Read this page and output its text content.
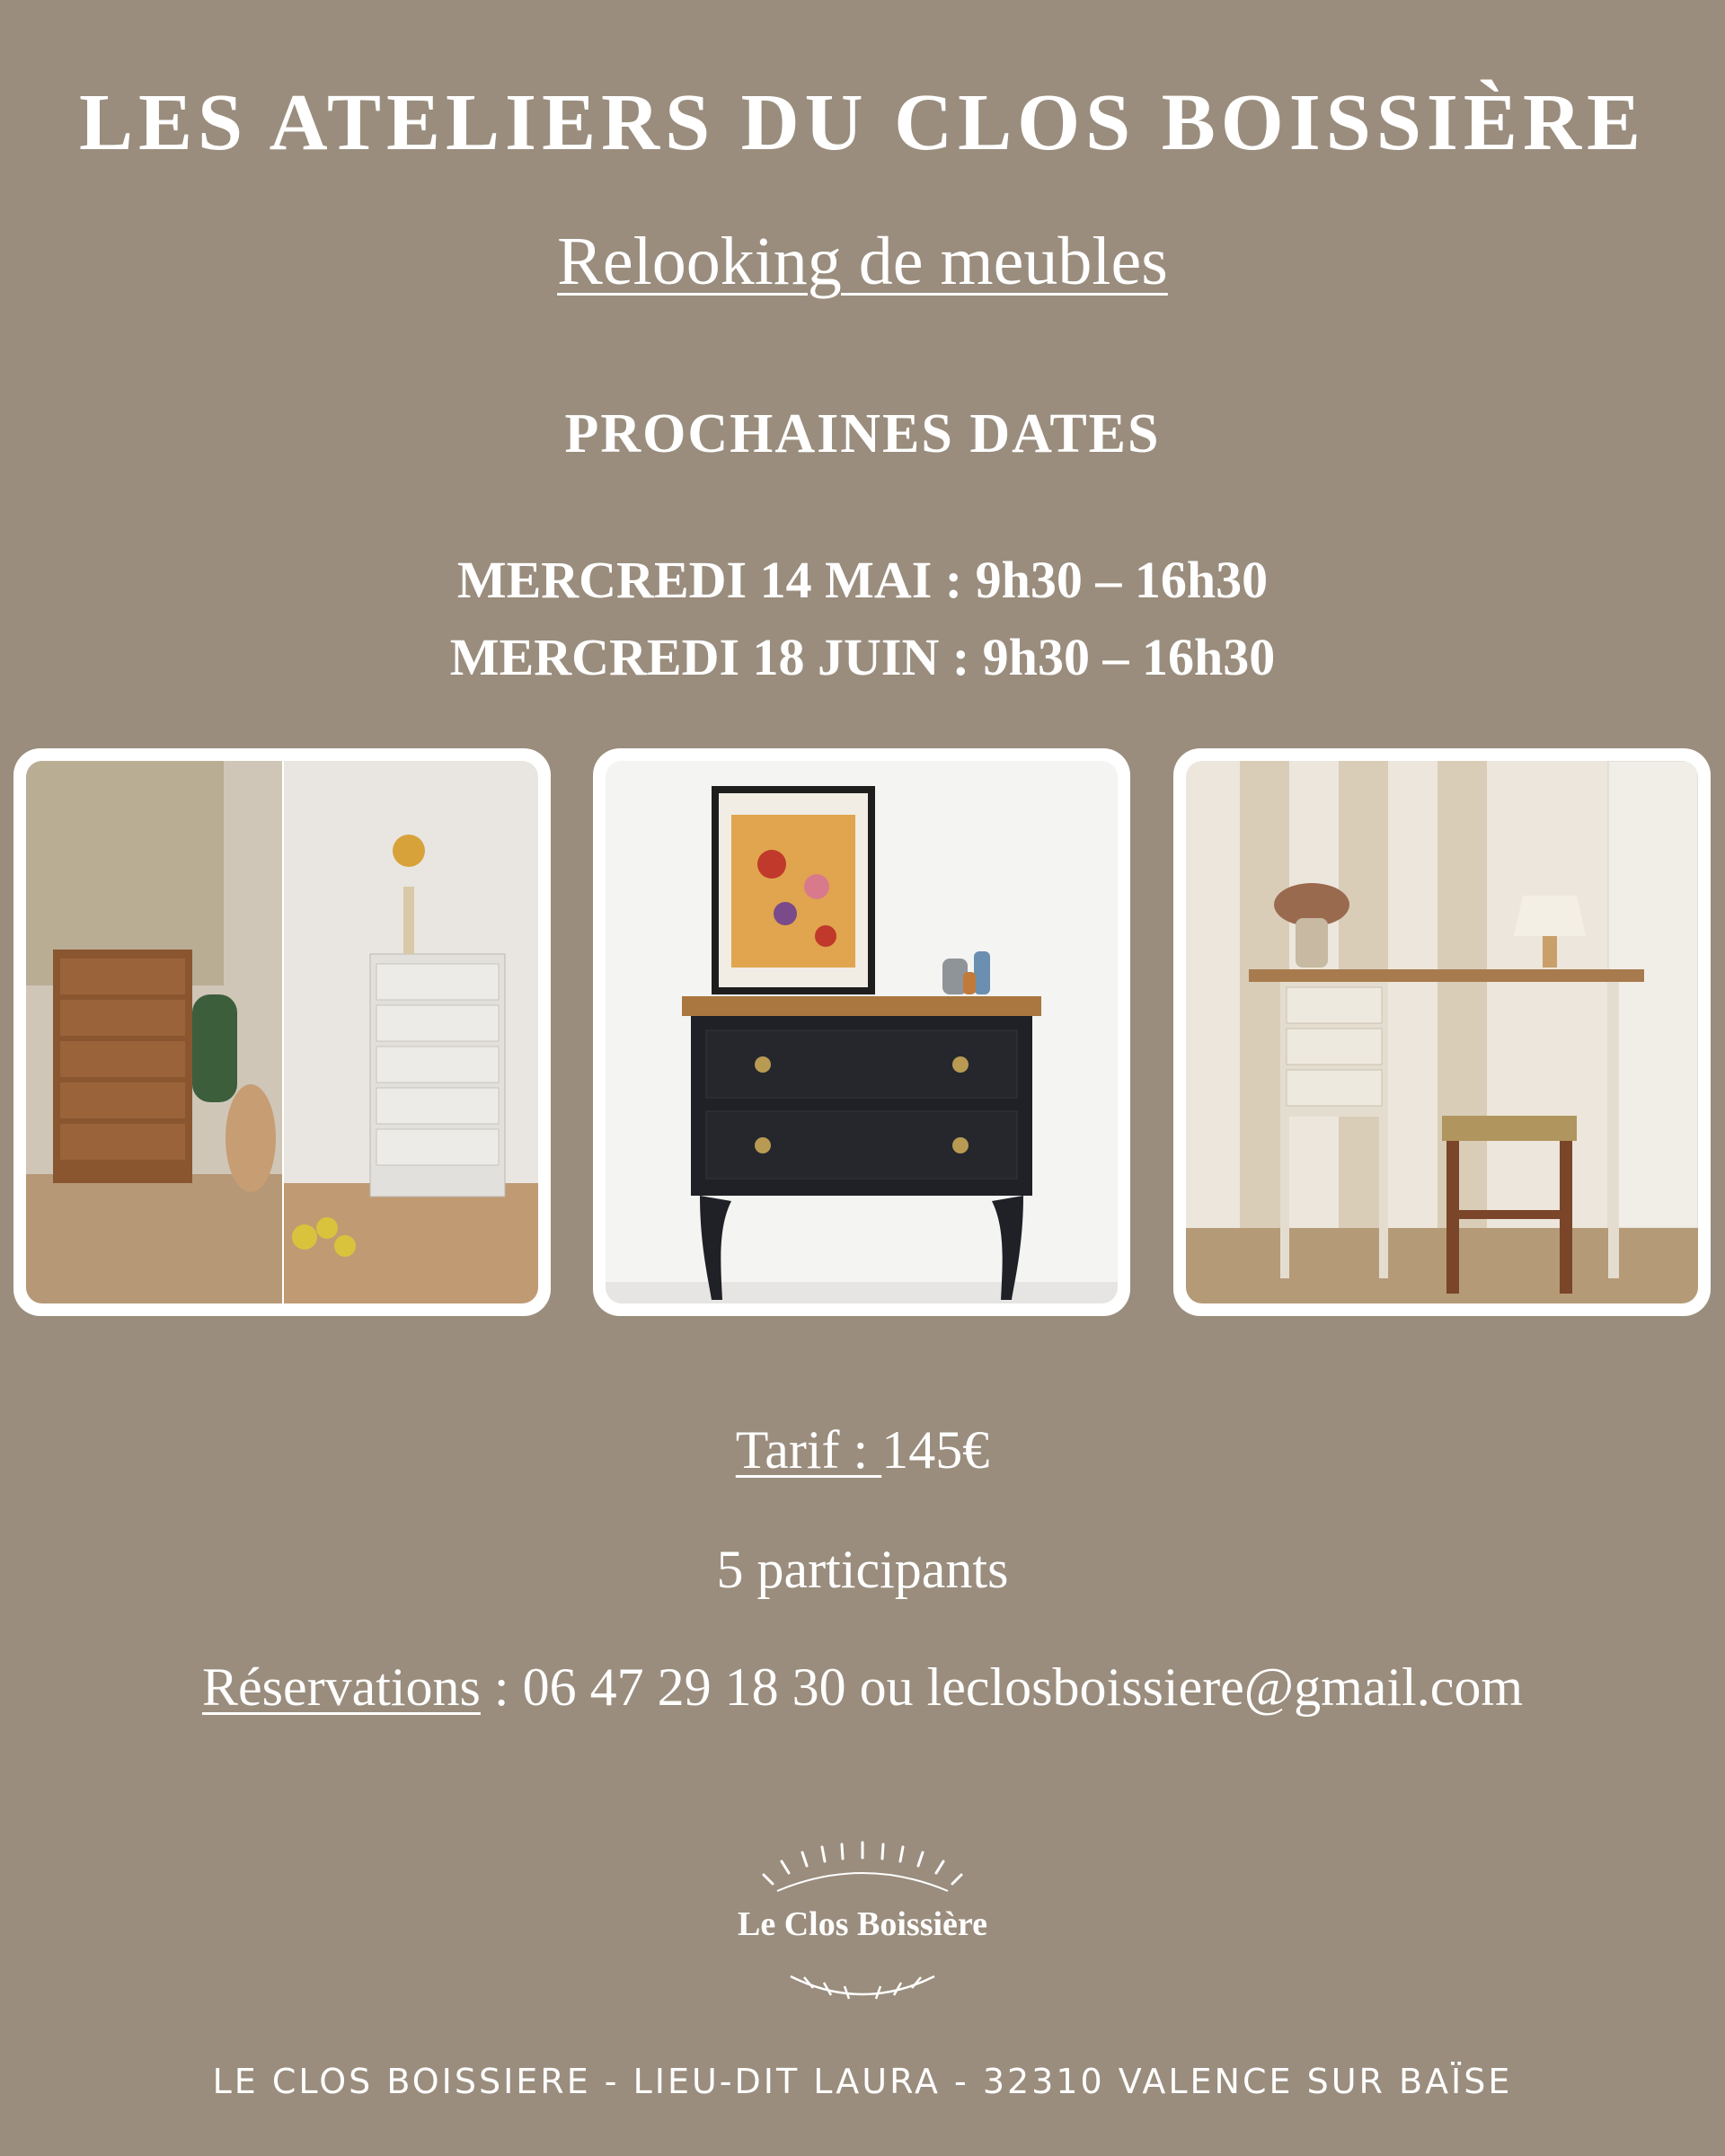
LES ATELIERS DU CLOS BOISSIÈRE
Relooking de meubles
PROCHAINES DATES
MERCREDI 14 MAI : 9h30 – 16h30
MERCREDI 18 JUIN : 9h30 – 16h30
Tarif : 145€
5 participants
Réservations : 06 47 29 18 30 ou leclosboissiere@gmail.com
Le Clos Boissière
LE CLOS BOISSIERE - LIEU-DIT LAURA - 32310 VALENCE SUR BAÏSE
